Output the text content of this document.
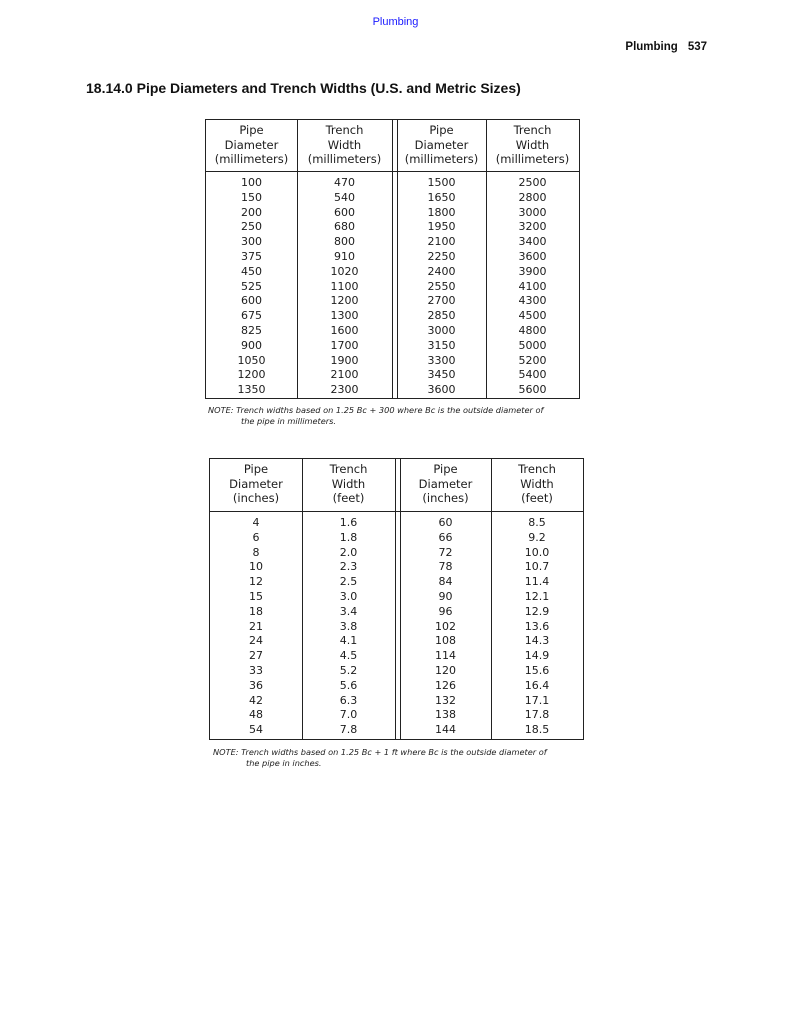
Plumbing
Plumbing 537
18.14.0 Pipe Diameters and Trench Widths (U.S. and Metric Sizes)
Pipe
Diameter
(millimeters)
100
150
200
250
300
375
450
525
600
675
825
900
1050
1200
1350
Trench
Width
(millimeters)
470
540
600
680
800
910
1020
1100
1200
1300
1600
1700
1900
2100
2300
Pipe
Diameter
(millimeters)
1500
1650
1800
1950
2100
2250
2400
2550
2700
2850
3000
3150
3300
3450
3600
Trench
Width
(millimeters)
2500
2800
3000
3200
3400
3600
3900
4100
4300
4500
4800
5000
5200
5400
5600
NOTE: Trench widths based on 1.25 Bc + 300 where Bc is the outside diameter of
the pipe in millimeters.
Pipe
Diameter
(inches)
4
6
8
10
12
15
18
21
24
27
33
36
42
48
54
Trench
Width
(feet)
1.6
1.8
2.0
2.3
2.5
3.0
3.4
3.8
4.1
4.5
5.2
5.6
6.3
7.0
7.8
Pipe
Diameter
(inches)
60
66
72
78
84
90
96
102
108
114
120
126
132
138
144
Trench
Width
(feet)
8.5
9.2
10.0
10.7
11.4
12.1
12.9
13.6
14.3
14.9
15.6
16.4
17.1
17.8
18.5
NOTE: Trench widths based on 1.25 Bc + 1 ft where Bc is the outside diameter of
the pipe in inches.
